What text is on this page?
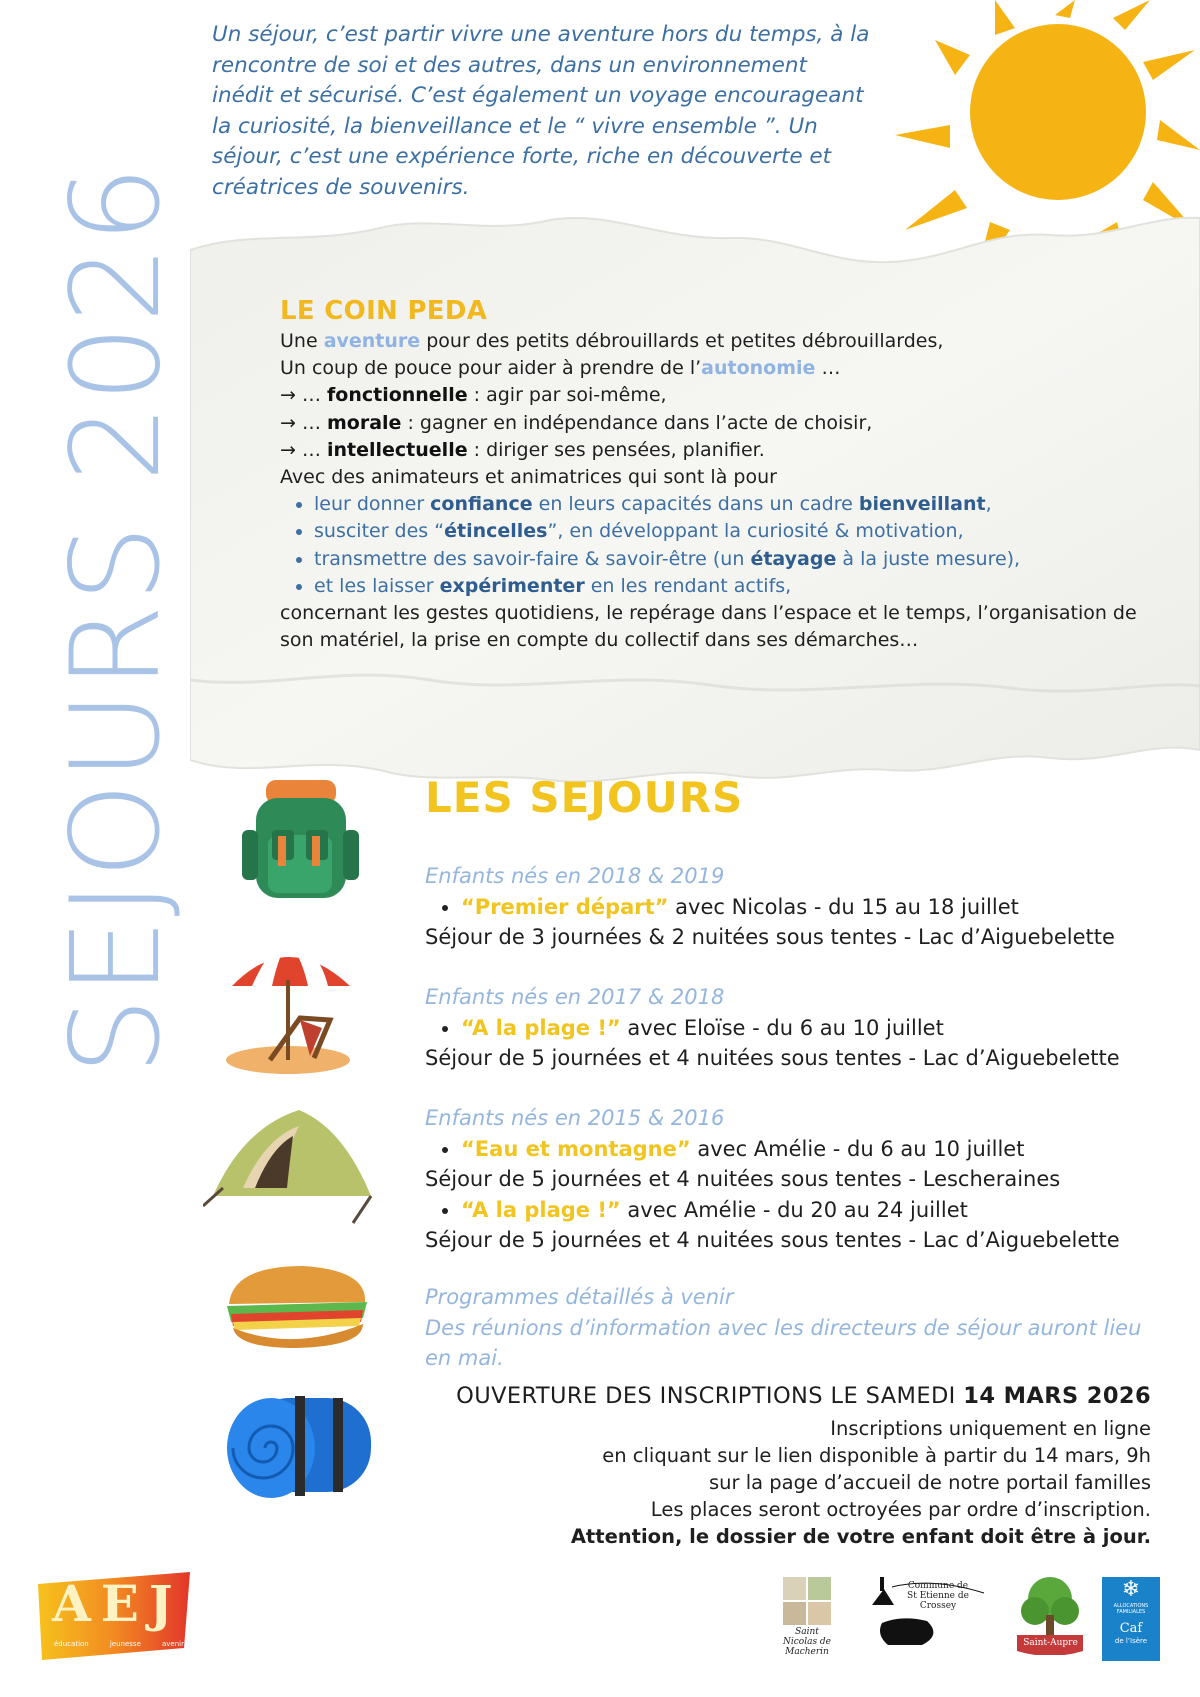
SEJOURS 2026
Un séjour, c’est partir vivre une aventure hors du temps, à la rencontre de soi et des autres, dans un environnement inédit et sécurisé. C’est également un voyage encourageant la curiosité, la bienveillance et le “ vivre ensemble ”. Un séjour, c’est une expérience forte, riche en découverte et créatrices de souvenirs.
LE COIN PEDA

Une aventure pour des petits débrouillards et petites débrouillardes,

Un coup de pouce pour aider à prendre de l’autonomie …

→ … fonctionnelle : agir par soi-même,

→ … morale : gagner en indépendance dans l’acte de choisir,

→ … intellectuelle : diriger ses pensées, planifier.

Avec des animateurs et animatrices qui sont là pour

• leur donner confiance en leurs capacités dans un cadre bienveillant,
• susciter des “étincelles”, en développant la curiosité & motivation,
• transmettre des savoir-faire & savoir-être (un étayage à la juste mesure),
• et les laisser expérimenter en les rendant actifs,

concernant les gestes quotidiens, le repérage dans l’espace et le temps, l’organisation de son matériel, la prise en compte du collectif dans ses démarches…

LES SEJOURS
Enfants nés en 2018 & 2019
• “Premier départ” avec Nicolas - du 15 au 18 juillet
Séjour de 3 journées & 2 nuitées sous tentes - Lac d’Aiguebelette
Enfants nés en 2017 & 2018
• “A la plage !” avec Eloïse - du 6 au 10 juillet
Séjour de 5 journées et 4 nuitées sous tentes - Lac d’Aiguebelette
Enfants nés en 2015 & 2016
• “Eau et montagne” avec Amélie - du 6 au 10 juillet
Séjour de 5 journées et 4 nuitées sous tentes - Lescheraines
• “A la plage !” avec Amélie - du 20 au 24 juillet
Séjour de 5 journées et 4 nuitées sous tentes - Lac d’Aiguebelette
Programmes détaillés à venir
Des réunions d’information avec les directeurs de séjour auront lieu en mai.
OUVERTURE DES INSCRIPTIONS LE SAMEDI 14 MARS 2026
Inscriptions uniquement en ligne
en cliquant sur le lien disponible à partir du 14 mars, 9h
sur la page d’accueil de notre portail familles
Les places seront octroyées par ordre d’inscription.
Attention, le dossier de votre enfant doit être à jour.
AEJ
éducation	jeunesse	avenir
Saint Nicolas de Macherin
Commune de
St Etienne de Crossey
Saint-Aupre
❄
ALLOCATIONS FAMILIALES
Caf
de l’Isère
